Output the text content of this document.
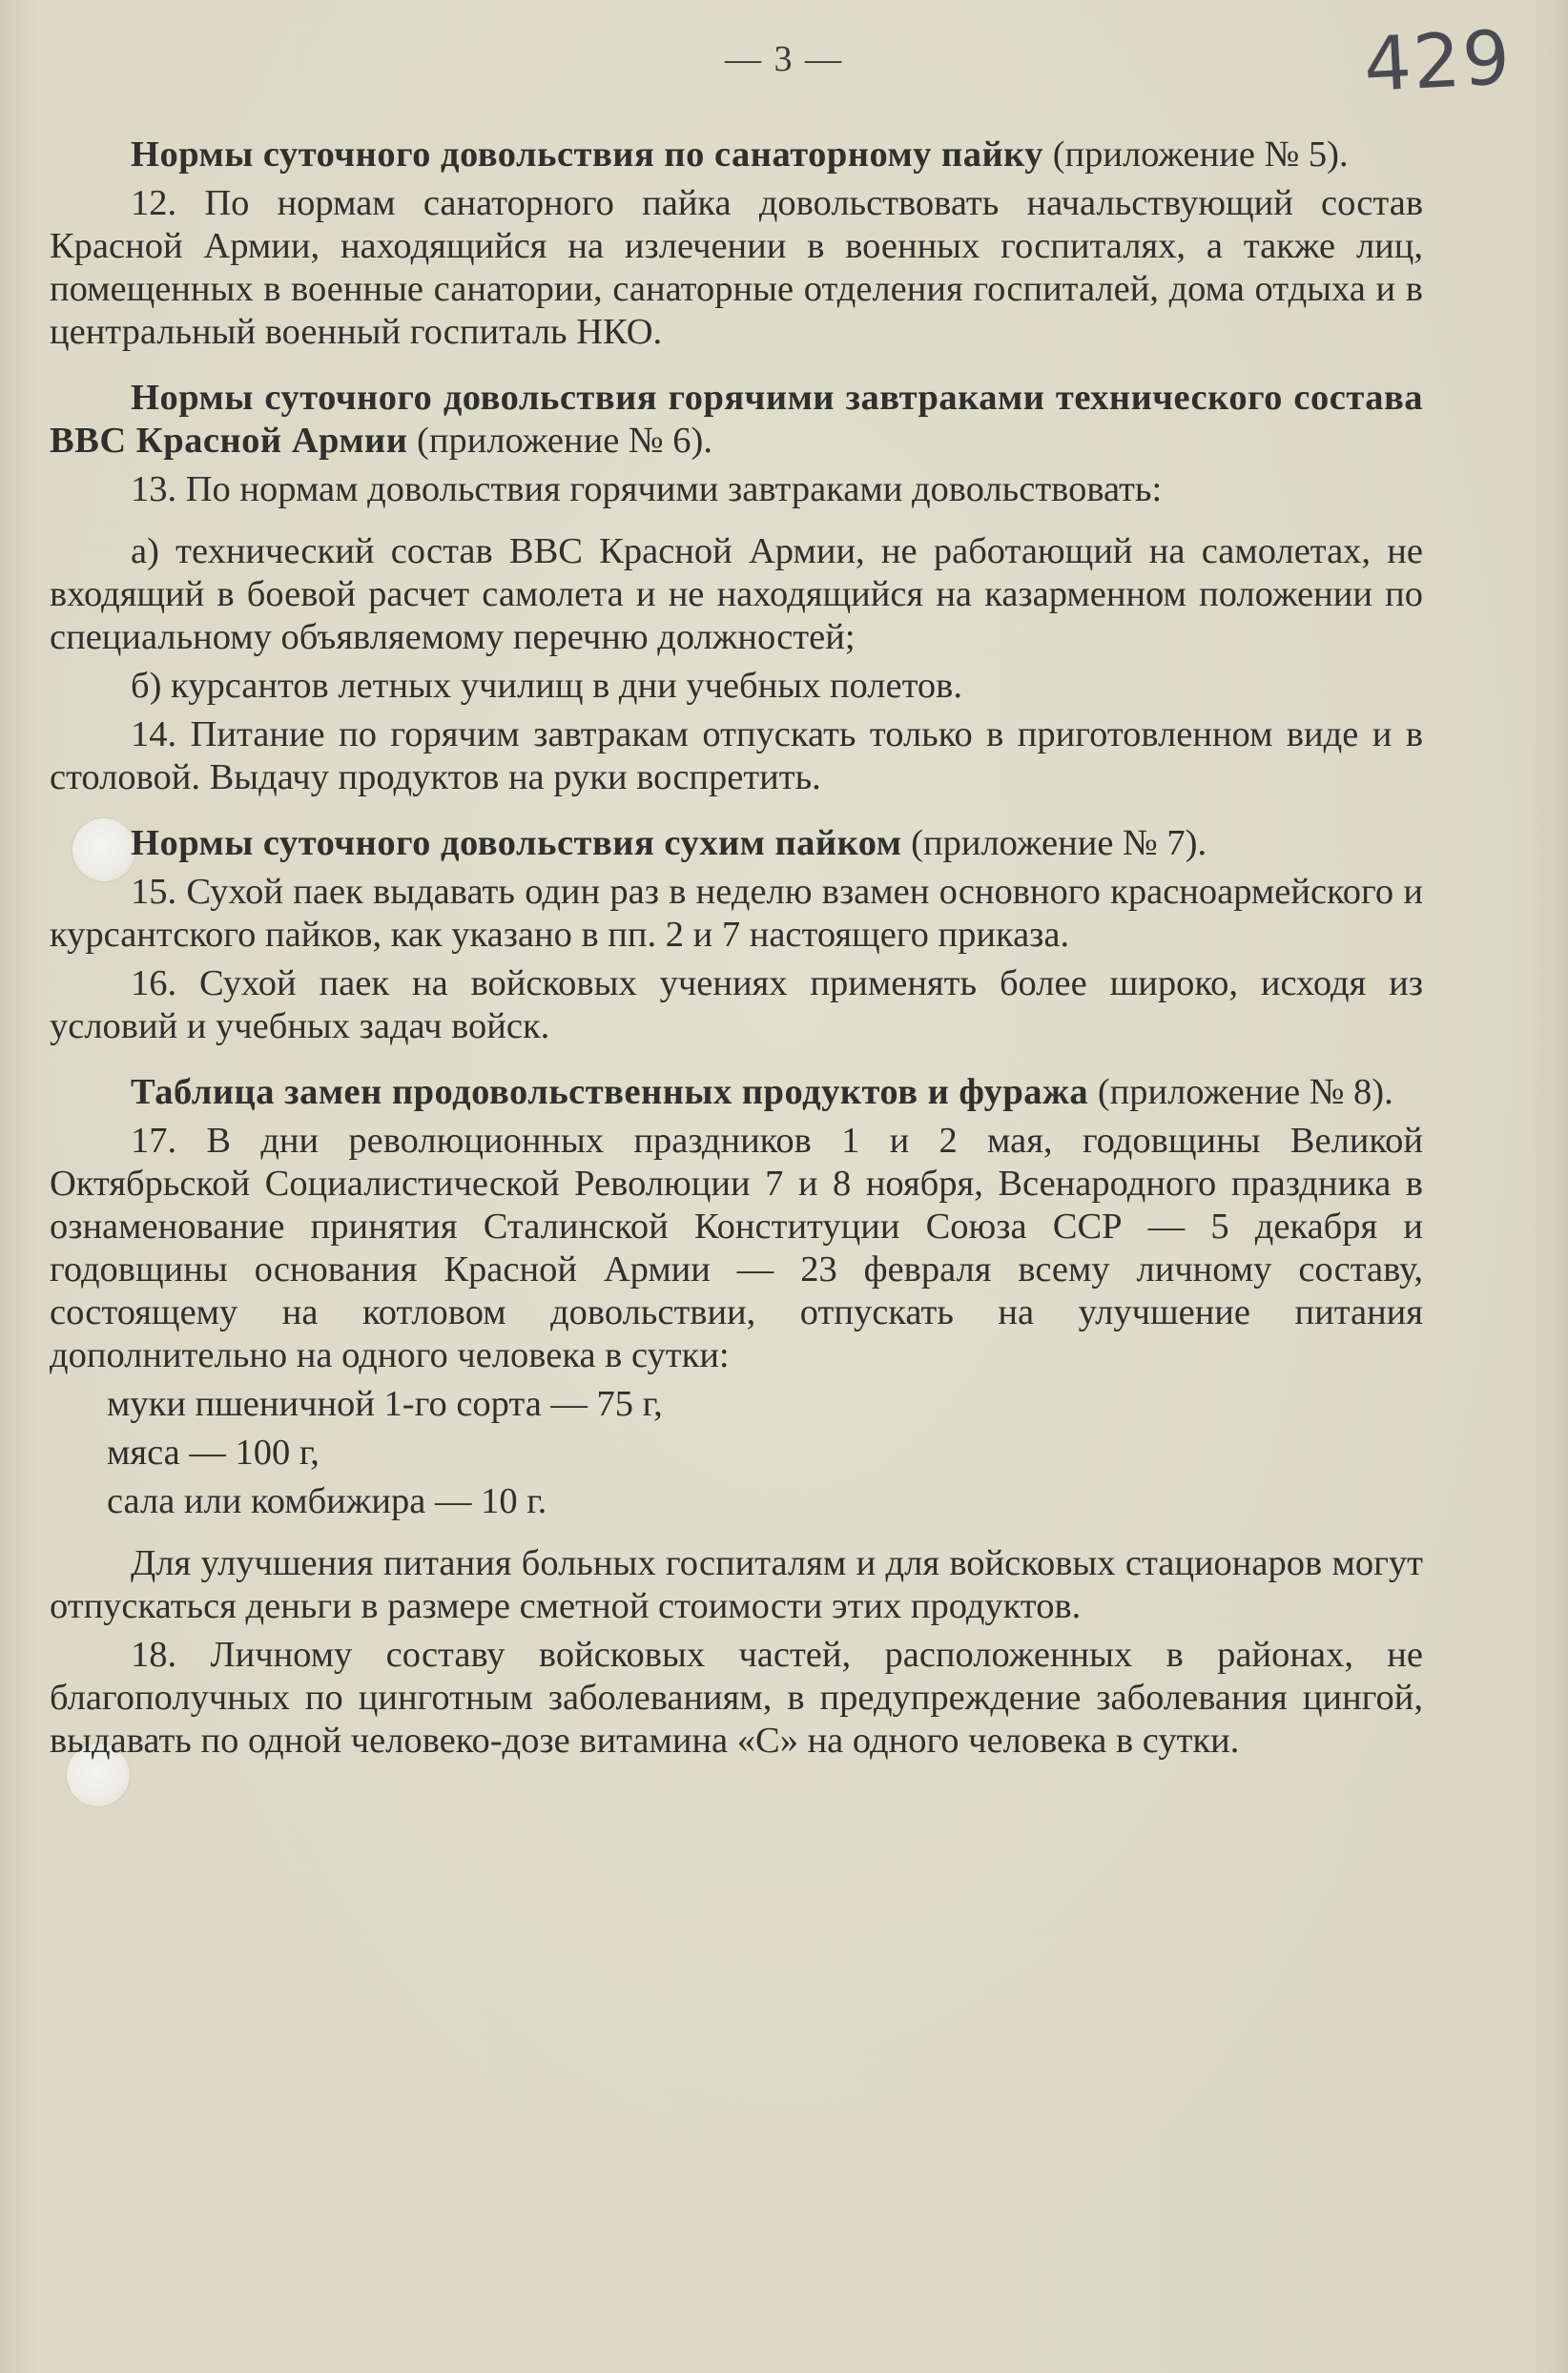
— 3 —	429

Нормы суточного довольствия по санаторному пайку (приложение № 5).

12. По нормам санаторного пайка довольствовать начальствующий состав Красной Армии, находящийся на излечении в военных госпиталях, а также лиц, помещенных в военные санатории, санаторные отделения госпиталей, дома отдыха и в центральный военный госпиталь НКО.

Нормы суточного довольствия горячими завтраками технического состава ВВС Красной Армии (приложение № 6).

13. По нормам довольствия горячими завтраками довольствовать:

а) технический состав ВВС Красной Армии, не работающий на самолетах, не входящий в боевой расчет самолета и не находящийся на казарменном положении по специальному объявляемому перечню должностей;

б) курсантов летных училищ в дни учебных полетов.

14. Питание по горячим завтракам отпускать только в приготовленном виде и в столовой. Выдачу продуктов на руки воспретить.

Нормы суточного довольствия сухим пайком (приложение № 7).

15. Сухой паек выдавать один раз в неделю взамен основного красноармейского и курсантского пайков, как указано в пп. 2 и 7 настоящего приказа.

16. Сухой паек на войсковых учениях применять более широко, исходя из условий и учебных задач войск.

Таблица замен продовольственных продуктов и фуража (приложение № 8).

17. В дни революционных праздников 1 и 2 мая, годовщины Великой Октябрьской Социалистической Революции 7 и 8 ноября, Всенародного праздника в ознаменование принятия Сталинской Конституции Союза ССР — 5 декабря и годовщины основания Красной Армии — 23 февраля всему личному составу, состоящему на котловом довольствии, отпускать на улучшение питания дополнительно на одного человека в сутки:

муки пшеничной 1-го сорта — 75 г,

мяса — 100 г,

сала или комбижира — 10 г.

Для улучшения питания больных госпиталям и для войсковых стационаров могут отпускаться деньги в размере сметной стоимости этих продуктов.

18. Личному составу войсковых частей, расположенных в районах, не благополучных по цинготным заболеваниям, в предупреждение заболевания цингой, выдавать по одной человеко-дозе витамина «С» на одного человека в сутки.
